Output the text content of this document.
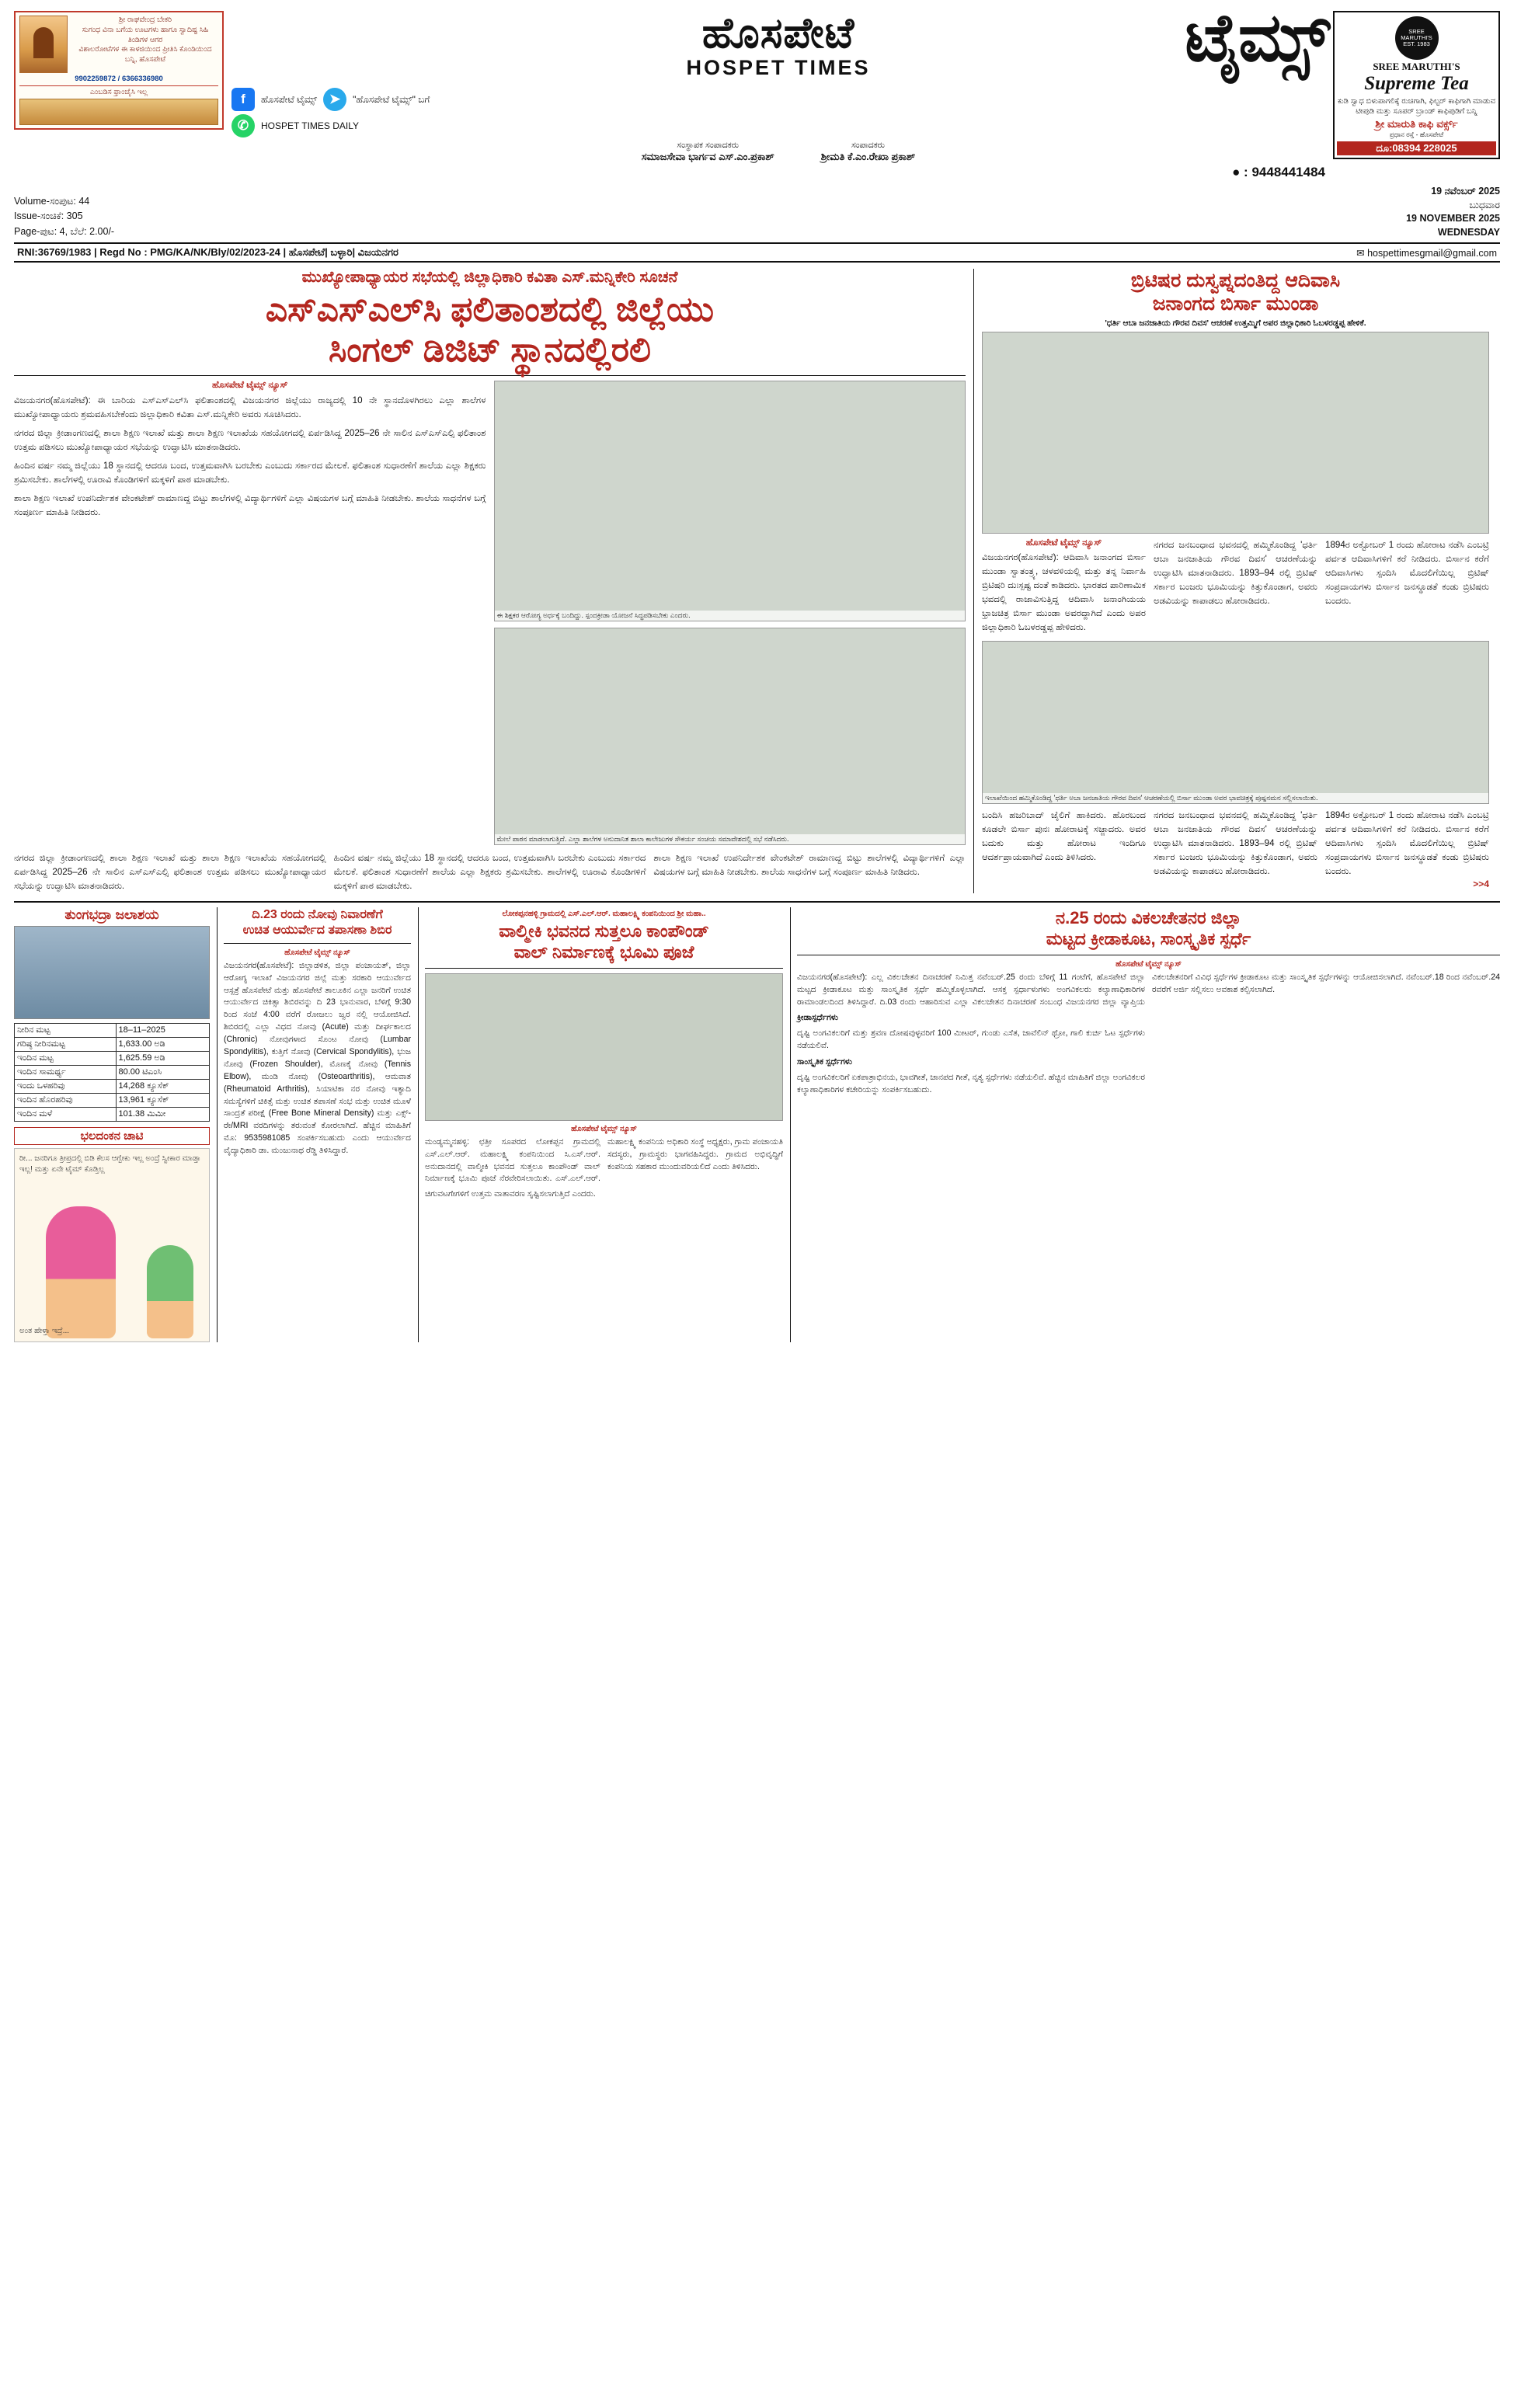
ಶ್ರೀ ರಾಘವೇಂದ್ರ ಬೇಕರಿ
ಸುಗಂಧ ವಿನಾ ಬಗೆಯ ಊಟಗಳು ಹಾಗೂ ಸ್ವಾದಿಷ್ಟ ಸಿಹಿ ತಿಂಡಿಗಳ ಆಗರ
ವಿಶಾಲರೋಟೆಗಳ ಈ ಕಾಳಜಿಯಿಂದ ಪ್ರೀತಿಸಿ ಕೊಂಡಿಯಿಂದ ಬನ್ನಿ, ಹೊಸಪೇಟೆ
9902259872 / 6366336980
ಎಂಬಡಿಸ ಫ್ರಾಂಚೈಸಿ ಇಲ್ಲ
ಹೊಸಪೇಟೆ
HOSPET TIMES	ಟೈಮ್ಸ್
f	ಹೊಸಪೇಟೆ ಟೈಮ್ಸ್ ➤	"ಹೊಸಪೇಟೆ ಟೈಮ್ಸ್" ಬಗೆ
✆	HOSPET TIMES DAILY
ಸಂಸ್ಥಾಪಕ ಸಂಪಾದಕರು
ಸಮಾಜಸೇವಾ ಭಾರ್ಗವ ಎಸ್.ಎಂ.ಪ್ರಕಾಶ್
ಸಂಪಾದಕರು
ಶ್ರೀಮತಿ ಕೆ.ಎಂ.ರೇಖಾ ಪ್ರಕಾಶ್
● : 9448441484
SREE MARUTHI'S EST. 1983
SREE MARUTHI'S
Supreme Tea
ಕುಡಿ ಸ್ವಾಧ ಬಿಳುಪಾಗಲಿಕ್ಕೆ ರುಚಿಗಾಗಿ, ಫಿಲ್ಟರ್ ಕಾಫಿಗಾಗಿ ಮಾಡುವ ಟೀಪುಡಿ ಮತ್ತು ಸೂಪರ್ ಬ್ರಾಂಡ್ ಕಾಫಿಪುಡಿಗೆ ಬನ್ನಿ
ಶ್ರೀ ಮಾರುತಿ ಕಾಫಿ ವರ್ಕ್ಸ್
ಪ್ರಧಾನ ರಸ್ತೆ - ಹೊಸಪೇಟೆ
ದೂ:08394 228025
Volume-ಸಂಪುಟ: 44
Issue-ಸಂಚಿಕೆ: 305
Page-ಪುಟ: 4, ಬೆಲೆ: 2.00/-
19 ನವೆಂಬರ್ 2025
ಬುಧವಾರ
19 NOVEMBER 2025
WEDNESDAY
RNI:36769/1983 | Regd No : PMG/KA/NK/Bly/02/2023-24 | ಹೊಸಪೇಟೆ| ಬಳ್ಳಾರಿ| ವಿಜಯನಗರ	✉ hospettimesgmail@gmail.com
ಮುಖ್ಯೋಪಾಧ್ಯಾಯರ ಸಭೆಯಲ್ಲಿ ಜಿಲ್ಲಾಧಿಕಾರಿ ಕವಿತಾ ಎಸ್.ಮನ್ನಿಕೇರಿ ಸೂಚನೆ
ಎಸ್‌ಎಸ್‌ಎಲ್‌ಸಿ ಫಲಿತಾಂಶದಲ್ಲಿ ಜಿಲ್ಲೆಯು
ಸಿಂಗಲ್ ಡಿಜಿಟ್ ಸ್ಥಾನದಲ್ಲಿರಲಿ
ಹೊಸಪೇಟೆ ಟೈಮ್ಸ್ ನ್ಯೂಸ್
ವಿಜಯನಗರ(ಹೊಸಪೇಟೆ): ಈ ಬಾರಿಯ ಎಸ್ಎಸ್ಎಲ್‌ಸಿ ಫಲಿತಾಂಶದಲ್ಲಿ ವಿಜಯನಗರ ಜಿಲ್ಲೆಯು ರಾಜ್ಯದಲ್ಲಿ 10 ನೇ ಸ್ಥಾನದೊಳಗಿರಲು ಎಲ್ಲಾ ಶಾಲೆಗಳ ಮುಖ್ಯೋಪಾಧ್ಯಾಯರು ಶ್ರಮವಹಿಸಬೇಕೆಂದು ಜಿಲ್ಲಾಧಿಕಾರಿ ಕವಿತಾ ಎಸ್.ಮನ್ನಿಕೇರಿ ಅವರು ಸೂಚಿಸಿದರು.
ನಗರದ ಜಿಲ್ಲಾ ಕ್ರೀಡಾಂಗಣದಲ್ಲಿ ಶಾಲಾ ಶಿಕ್ಷಣ ಇಲಾಖೆ ಮತ್ತು ಶಾಲಾ ಶಿಕ್ಷಣ ಇಲಾಖೆಯ ಸಹಯೋಗದಲ್ಲಿ ಏರ್ಪಡಿಸಿದ್ದ 2025–26 ನೇ ಸಾಲಿನ ಎಸ್ಎಸ್ಎಲ್ಸಿ ಫಲಿತಾಂಶ ಉತ್ತಮ ಪಡಿಸಲು ಮುಖ್ಯೋಪಾಧ್ಯಾಯರ ಸಭೆಯನ್ನು ಉದ್ಘಾಟಿಸಿ ಮಾತನಾಡಿದರು.
ಹಿಂದಿನ ವರ್ಷ ನಮ್ಮ ಜಿಲ್ಲೆಯು 18 ಸ್ಥಾನದಲ್ಲಿ ಆದರೂ ಬಂದ, ಉತ್ತಮವಾಗಿಸಿ ಬರಬೇಕು ಎಂಬುದು ಸರ್ಕಾರದ ಮೇಲಕೆ. ಫಲಿತಾಂಶ ಸುಧಾರಣೆಗೆ ಶಾಲೆಯ ಎಲ್ಲಾ ಶಿಕ್ಷಕರು ಶ್ರಮಿಸಬೇಕು. ಶಾಲೆಗಳಲ್ಲಿ ಊರಾವಿ ಕೊಂಡಿಗಳಿಗೆ ಮಕ್ಕಳಿಗೆ ಪಾಠ ಮಾಡಬೇಕು.
ಶಾಲಾ ಶಿಕ್ಷಣ ಇಲಾಖೆ ಉಪನಿರ್ದೇಶಕ ವೇಂಕಟೇಶ್ ರಾಮಾಣದ್ದ ಬಿಟ್ಟು ಶಾಲೆಗಳಲ್ಲಿ ವಿದ್ಯಾರ್ಥಿಗಳಿಗೆ ಎಲ್ಲಾ ವಿಷಯಗಳ ಬಗ್ಗೆ ಮಾಹಿತಿ ನೀಡಬೇಕು. ಶಾಲೆಯ ಸಾಧನೆಗಳ ಬಗ್ಗೆ ಸಂಪೂರ್ಣ ಮಾಹಿತಿ ನೀಡಿದರು.
ಈ ಶಿಕ್ಷಕರ ಆರೋಗ್ಯ ಅರ್ಧಕ್ಕೆ ಬಂದಿದ್ದು. ಸ್ಪಂದಕ್ರೀಡಾ ಯೋಜನೆ ಸಿದ್ಧಪಡಿಸಬೇಕು ಎಂದರು.
ಮೇಲೆ ಪಾಠನ ಮಾಡಲಾಗುತ್ತಿದೆ. ಎಲ್ಲಾ ಶಾಲೆಗಳ ಅನುದಾನಿತ ಶಾಲಾ ಕಾಲೇಜುಗಳ ಸೌಕರ್ಯ ಸಂಚಯ ಸಮಾವೇಶದಲ್ಲಿ ಸಭೆ ನಡೆಸಿದರು.
ನಗರದ ಜಿಲ್ಲಾ ಕ್ರೀಡಾಂಗಣದಲ್ಲಿ ಶಾಲಾ ಶಿಕ್ಷಣ ಇಲಾಖೆ ಮತ್ತು ಶಾಲಾ ಶಿಕ್ಷಣ ಇಲಾಖೆಯ ಸಹಯೋಗದಲ್ಲಿ ಏರ್ಪಡಿಸಿದ್ದ 2025–26 ನೇ ಸಾಲಿನ ಎಸ್ಎಸ್ಎಲ್ಸಿ ಫಲಿತಾಂಶ ಉತ್ತಮ ಪಡಿಸಲು ಮುಖ್ಯೋಪಾಧ್ಯಾಯರ ಸಭೆಯನ್ನು ಉದ್ಘಾಟಿಸಿ ಮಾತನಾಡಿದರು.
ಹಿಂದಿನ ವರ್ಷ ನಮ್ಮ ಜಿಲ್ಲೆಯು 18 ಸ್ಥಾನದಲ್ಲಿ ಆದರೂ ಬಂದ, ಉತ್ತಮವಾಗಿಸಿ ಬರಬೇಕು ಎಂಬುದು ಸರ್ಕಾರದ ಮೇಲಕೆ. ಫಲಿತಾಂಶ ಸುಧಾರಣೆಗೆ ಶಾಲೆಯ ಎಲ್ಲಾ ಶಿಕ್ಷಕರು ಶ್ರಮಿಸಬೇಕು. ಶಾಲೆಗಳಲ್ಲಿ ಊರಾವಿ ಕೊಂಡಿಗಳಿಗೆ ಮಕ್ಕಳಿಗೆ ಪಾಠ ಮಾಡಬೇಕು.
ಶಾಲಾ ಶಿಕ್ಷಣ ಇಲಾಖೆ ಉಪನಿರ್ದೇಶಕ ವೇಂಕಟೇಶ್ ರಾಮಾಣದ್ದ ಬಿಟ್ಟು ಶಾಲೆಗಳಲ್ಲಿ ವಿದ್ಯಾರ್ಥಿಗಳಿಗೆ ಎಲ್ಲಾ ವಿಷಯಗಳ ಬಗ್ಗೆ ಮಾಹಿತಿ ನೀಡಬೇಕು. ಶಾಲೆಯ ಸಾಧನೆಗಳ ಬಗ್ಗೆ ಸಂಪೂರ್ಣ ಮಾಹಿತಿ ನೀಡಿದರು.
ಬ್ರಿಟಿಷರ ದುಸ್ವಪ್ನದಂತಿದ್ದ ಆದಿವಾಸಿ
ಜನಾಂಗದ ಬಿರ್ಸಾ ಮುಂಡಾ
'ಧರ್ತಿ ಆಬಾ ಜನಜಾತಿಯ ಗೌರವ ದಿವಸ' ಆಚರಣೆ ಉತ್ತಮ್ಮಿಗೆ ಅಪರ ಜಿಲ್ಲಾಧಿಕಾರಿ ಓಬಳರಡ್ಡಪ್ಪ ಹೇಳಿಕೆ.
ಹೊಸಪೇಟೆ ಟೈಮ್ಸ್ ನ್ಯೂಸ್
ವಿಜಯನಗರ(ಹೊಸಪೇಟೆ): ಆದಿವಾಸಿ ಜನಾಂಗದ ಬಿರ್ಸಾ ಮುಂಡಾ ಸ್ವಾತಂತ್ರ್ಯ, ಚಳವಳಿಯಲ್ಲಿ ಮತ್ತು ತನ್ನ ನಿರ್ವಾಹಿ ಬ್ರಿಟಿಷರಿ ದುಃಸ್ಪಷ್ಟ ದಂತೆ ಕಾಡಿದರು. ಭಾರತದ ಪಾರಿಣಾಮಿಕ ಭವದಲ್ಲಿ ರಾಜಾವಿಸುತ್ತಿದ್ದ ಆದಿವಾಸಿ ಜನಾಂಗಿಯಯ ಭ್ರಾಜಚಿತ್ರ ಬಿರ್ಸಾ ಮುಂಡಾ ಅವರದ್ದಾಗಿದೆ ಎಂದು ಅಪರ ಜಿಲ್ಲಾಧಿಕಾರಿ ಓಬಳರಡ್ಡಪ್ಪ ಹೇಳಿದರು.
ನಗರದ ಜನಬಂಧಾದ ಭವನದಲ್ಲಿ ಹಮ್ಮಿಕೊಂಡಿದ್ದ 'ಧರ್ತಿ ಆಬಾ ಜನಜಾತಿಯ ಗೌರವ ದಿವಸ' ಆಚರಣೆಯನ್ನು ಉದ್ಘಾಟಿಸಿ ಮಾತನಾಡಿದರು. 1893–94 ರಲ್ಲಿ ಬ್ರಿಟಿಷ್ ಸರ್ಕಾರ ಬಂಜರು ಭೂಮಿಯನ್ನು ಕಿತ್ತುಕೊಂಡಾಗ, ಅವರು ಅಡವಿಯನ್ನು ಕಾಪಾಡಲು ಹೋರಾಡಿದರು.
1894ರ ಅಕ್ಟೋಬರ್ 1 ರಂದು ಹೋರಾಟ ನಡೆಸಿ ಎಂಬಟ್ರಿ ಪರ್ವತ ಆದಿವಾಸಿಗಳಿಗೆ ಕರೆ ನೀಡಿದರು. ಬಿರ್ಸಾನ ಕರೆಗೆ ಆದಿವಾಸಿಗಳು ಸ್ಪಂದಿಸಿ ಮೊದಲಿಗೆಯಿಲ್ಲ ಬ್ರಿಟಿಷ್ ಸಂಪ್ರದಾಯಗಳು ಬಿರ್ಸಾನ ಜನಸ್ಥೂಡತೆ ಕಂಡು ಬ್ರಿಟಿಷರು ಬಂದರು.
ಇಲಾಖೆಯಿಂದ ಹಮ್ಮಿಕೊಂಡಿದ್ದ 'ಧರ್ತಿ ಅಬಾ ಜನಜಾತಿಯ ಗೌರವ ದಿವಸ' ಆಚರಣೆಯಲ್ಲಿ ಬಿರ್ಸಾ ಮುಂಡಾ ಅವರ ಭಾವಚಿತ್ರಕ್ಕೆ ಪುಷ್ಪನಮನ ಸಲ್ಲಿಸಲಾಯಿತು.
ಬಂದಿಸಿ ಹಜರಿಬಾದ್ ಜೈಲಿಗೆ ಹಾಕಿದರು. ಹೊರಬಂದ ಕೂಡಲೇ ಬಿರ್ಸಾ ಪುನಃ ಹೋರಾಟಕ್ಕೆ ಸಜ್ಜಾದರು. ಅವರ ಬದುಕು ಮತ್ತು ಹೋರಾಟ ಇಂದಿಗೂ ಆದರ್ಶಪ್ರಾಯವಾಗಿದೆ ಎಂದು ತಿಳಿಸಿದರು.
ನಗರದ ಜನಬಂಧಾದ ಭವನದಲ್ಲಿ ಹಮ್ಮಿಕೊಂಡಿದ್ದ 'ಧರ್ತಿ ಆಬಾ ಜನಜಾತಿಯ ಗೌರವ ದಿವಸ' ಆಚರಣೆಯನ್ನು ಉದ್ಘಾಟಿಸಿ ಮಾತನಾಡಿದರು. 1893–94 ರಲ್ಲಿ ಬ್ರಿಟಿಷ್ ಸರ್ಕಾರ ಬಂಜರು ಭೂಮಿಯನ್ನು ಕಿತ್ತುಕೊಂಡಾಗ, ಅವರು ಅಡವಿಯನ್ನು ಕಾಪಾಡಲು ಹೋರಾಡಿದರು.
1894ರ ಅಕ್ಟೋಬರ್ 1 ರಂದು ಹೋರಾಟ ನಡೆಸಿ ಎಂಬಟ್ರಿ ಪರ್ವತ ಆದಿವಾಸಿಗಳಿಗೆ ಕರೆ ನೀಡಿದರು. ಬಿರ್ಸಾನ ಕರೆಗೆ ಆದಿವಾಸಿಗಳು ಸ್ಪಂದಿಸಿ ಮೊದಲಿಗೆಯಿಲ್ಲ ಬ್ರಿಟಿಷ್ ಸಂಪ್ರದಾಯಗಳು ಬಿರ್ಸಾನ ಜನಸ್ಥೂಡತೆ ಕಂಡು ಬ್ರಿಟಿಷರು ಬಂದರು.
>>4
ತುಂಗಭದ್ರಾ ಜಲಾಶಯ
ನೀರಿನ ಮಟ್ಟ	18–11–2025
ಗರಿಷ್ಠ ನೀರಿನಮಟ್ಟ	1,633.00 ಅಡಿ
ಇಂದಿನ ಮಟ್ಟ	1,625.59 ಅಡಿ
ಇಂದಿನ ಸಾಮರ್ಥ್ಯ	80.00 ಟಿಎಂಸಿ
ಇಂದು ಒಳಹರಿವು	14,268 ಕ್ಯೂಸೆಕ್
ಇಂದಿನ ಹೊರಹರಿವು	13,961 ಕ್ಯೂಸೆಕ್
ಇಂದಿನ ಮಳೆ	101.38 ಮಿಮೀ
ಭಲದಂಕನ ಚಾಟಿ
ರೀ... ಜನರಿಗೂ ತ್ರೀಪ್ರದಲ್ಲಿ ಬಿಡಿ ಕೆಲಸ ಆಗ್ಬೇಕು ಇಲ್ಲ ಅಂದ್ರೆ ಸ್ವೀಕಾರ ಮಾಡ್ತಾ ಇಲ್ಲ! ಮತ್ತು ಏನೇ ಟೈಮ್ ಕೊಡ್ತಿಲ್ಲ
ಅಂತ ಹೇಳ್ತಾ ಇದ್ರೆ...
ದಿ.23 ರಂದು ನೋವು ನಿವಾರಣೆಗೆ
ಉಚಿತ ಆಯುರ್ವೇದ ತಪಾಸಣಾ ಶಿಬಿರ
ಹೊಸಪೇಟೆ ಟೈಮ್ಸ್ ನ್ಯೂಸ್
ವಿಜಯನಗರ(ಹೊಸಪೇಟೆ): ಜಿಲ್ಲಾಡಳಿತ, ಜಿಲ್ಲಾ ಪಂಚಾಯತ್, ಜಿಲ್ಲಾ ಆರೋಗ್ಯ ಇಲಾಖೆ ವಿಜಯನಗರ ಜಿಲ್ಲೆ ಮತ್ತು ಸರಕಾರಿ ಆಯುರ್ವೇದ ಆಸ್ಪತ್ರೆ ಹೊಸಪೇಟೆ ಮತ್ತು ಹೊಸಪೇಟೆ ತಾಲೂಕಿನ ಎಲ್ಲಾ ಜನರಿಗೆ ಉಚಿತ ಆಯುರ್ವೇದ ಚಿಕಿತ್ಸಾ ಶಿಬಿರವನ್ನು ದಿ 23 ಭಾನುವಾರ, ಬೆಳಿಗ್ಗೆ 9:30 ರಿಂದ ಸಂಜೆ 4:00 ವರೆಗೆ ರೋಜಲು ಜ್ವರ ನಲ್ಲಿ ಆಯೋಜಿಸಿದೆ. ಶಿಬಿರದಲ್ಲಿ ಎಲ್ಲಾ ವಿಧದ ನೋವು (Acute) ಮತ್ತು ದೀರ್ಘಕಾಲದ (Chronic) ನೋವುಗಳಾದ ಸೊಂಟ ನೋವು (Lumbar Spondylitis), ಕುತ್ತಿಗೆ ನೋವು (Cervical Spondylitis), ಭುಜ ನೋವು (Frozen Shoulder), ಮೊಣಕೈ ನೋವು (Tennis Elbow), ಮಂಡಿ ನೋವು (Osteoarthritis), ಆಮವಾತ (Rheumatoid Arthritis), ಸಿಯಾಟಿಕಾ ನರ ನೋವು ಇತ್ಯಾದಿ ಸಮಸ್ಯೆಗಳಿಗೆ ಚಿಕಿತ್ಸೆ ಮತ್ತು ಉಚಿತ ತಪಾಸಣೆ ಸಂಭ ಮತ್ತು ಉಚಿತ ಮೂಳೆ ಸಾಂದ್ರತೆ ಪರೀಕ್ಷೆ (Free Bone Mineral Density) ಮತ್ತು ಎಕ್ಸ್-ರೇ/MRI ವರದಿಗಳನ್ನು ತರುವಂತೆ ಕೋರಲಾಗಿದೆ. ಹೆಚ್ಚಿನ ಮಾಹಿತಿಗೆ ಮೊ: 9535981085 ಸಂಪರ್ಕಿಸಬಹುದು ಎಂದು ಆಯುರ್ವೇದ ವೈದ್ಯಾಧಿಕಾರಿ ಡಾ. ಮಂಜುನಾಥ ರೆಡ್ಡಿ ತಿಳಿಸಿದ್ದಾರೆ.
ಲೋಕಪ್ಪನಹಳ್ಳಿ ಗ್ರಾಮದಲ್ಲಿ ಎಸ್.ಎಲ್.ಆರ್. ಮಹಾಲಕ್ಷ್ಮಿ ಕಂಪನಿಯಿಂದ ಶ್ರೀ ಮಹಾ..
ವಾಲ್ಮೀಕಿ ಭವನದ ಸುತ್ತಲೂ ಕಾಂಪೌಂಡ್
ವಾಲ್ ನಿರ್ಮಾಣಕ್ಕೆ ಭೂಮಿ ಪೂಜೆ
ಹೊಸಪೇಟೆ ಟೈಮ್ಸ್ ನ್ಯೂಸ್
ಮಂಡ್ಯಮ್ಮನಹಳ್ಳಿ: ಛತ್ರೀ ಸೂಪರದ ಲೋಕಪ್ಪನ ಗ್ರಾಮದಲ್ಲಿ ಎಸ್.ಎಲ್.ಆರ್. ಮಹಾಲಕ್ಷ್ಮಿ ಕಂಪನಿಯಿಂದ ಸಿ.ಎಸ್.ಆರ್. ಅನುದಾನದಲ್ಲಿ ವಾಲ್ಮೀಕಿ ಭವನದ ಸುತ್ತಲೂ ಕಾಂಪೌಂಡ್ ವಾಲ್ ನಿರ್ಮಾಣಕ್ಕೆ ಭೂಮಿ ಪೂಜೆ ನೆರವೇರಿಸಲಾಯಿತು. ಎಸ್.ಎಲ್.ಆರ್. ಮಹಾಲಕ್ಷ್ಮಿ ಕಂಪನಿಯ ಅಧಿಕಾರಿ ಸಂಸ್ಥೆ ಅಧ್ಯಕ್ಷರು, ಗ್ರಾಮ ಪಂಚಾಯತಿ ಸದಸ್ಯರು, ಗ್ರಾಮಸ್ಥರು ಭಾಗವಹಿಸಿದ್ದರು. ಗ್ರಾಮದ ಅಭಿವೃದ್ಧಿಗೆ ಕಂಪನಿಯ ಸಹಕಾರ ಮುಂದುವರಿಯಲಿದೆ ಎಂದು ತಿಳಿಸಿದರು.
ಚಿಗುವಟಗೇಗಳಿಗೆ ಉತ್ತಮ ವಾತಾವರಣ ಸೃಷ್ಟಿಸಲಾಗುತ್ತಿದೆ ಎಂದರು.
ನ.25 ರಂದು ವಿಕಲಚೇತನರ ಜಿಲ್ಲಾ
ಮಟ್ಟದ ಕ್ರೀಡಾಕೂಟ, ಸಾಂಸ್ಕೃತಿಕ ಸ್ಪರ್ಧೆ
ಹೊಸಪೇಟೆ ಟೈಮ್ಸ್ ನ್ಯೂಸ್
ವಿಜಯನಗರ(ಹೊಸಪೇಟೆ): ಎಲ್ಲ ವಿಕಲಚೇತನ ದಿನಾಚರಣೆ ನಿಮಿತ್ತ ನವೆಂಬರ್.25 ರಂದು ಬೆಳಿಗ್ಗೆ 11 ಗಂಟೆಗೆ, ಹೊಸಪೇಟೆ ಜಿಲ್ಲಾ ಮಟ್ಟದ ಕ್ರೀಡಾಕೂಟ ಮತ್ತು ಸಾಂಸ್ಕೃತಿಕ ಸ್ಪರ್ಧೆ ಹಮ್ಮಿಕೊಳ್ಳಲಾಗಿದೆ. ಆಸಕ್ತ ಸ್ಪರ್ಧಾಳುಗಳು ಅಂಗವಿಕಲರು ಕಲ್ಯಾಣಾಧಿಕಾರಿಗಳ ರಾಮಾಂಡಲದಿಂದ ತಿಳಿಸಿದ್ದಾರೆ. ದಿ.03 ರಂದು ಆಹಾರಿಸುವ ಎಲ್ಲಾ ವಿಕಲಚೇತನ ದಿನಾಚರಣೆ ಸಂಬಂಧ ವಿಜಯನಗರ ಜಿಲ್ಲಾ ವ್ಯಾಪ್ತಿಯ ವಿಕಲಚೇತನರಿಗೆ ವಿವಿಧ ಸ್ಪರ್ಧೆಗಳ ಕ್ರೀಡಾಕೂಟ ಮತ್ತು ಸಾಂಸ್ಕೃತಿಕ ಸ್ಪರ್ಧೆಗಳನ್ನು ಆಯೋಜಿಸಲಾಗಿದೆ. ನವೆಂಬರ್.18 ರಿಂದ ನವೆಂಬರ್.24 ರವರೆಗೆ ಅರ್ಜಿ ಸಲ್ಲಿಸಲು ಅವಕಾಶ ಕಲ್ಪಿಸಲಾಗಿದೆ.
ಕ್ರೀಡಾಸ್ಪರ್ಧೆಗಳು
ದೃಷ್ಟಿ ಅಂಗವಿಕಲರಿಗೆ ಮತ್ತು ಶ್ರವಣ ದೋಷವುಳ್ಳವರಿಗೆ 100 ಮೀಟರ್, ಗುಂಡು ಎಸೆತ, ಜಾವೆಲಿನ್ ಥ್ರೋ, ಗಾಲಿ ಕುರ್ಚಿ ಓಟ ಸ್ಪರ್ಧೆಗಳು ನಡೆಯಲಿವೆ.
ಸಾಂಸ್ಕೃತಿಕ ಸ್ಪರ್ಧೆಗಳು
ದೃಷ್ಟಿ ಅಂಗವಿಕಲರಿಗೆ ಏಕಪಾತ್ರಾಭಿನಯ, ಭಾವಗೀತೆ, ಜಾನಪದ ಗೀತೆ, ನೃತ್ಯ ಸ್ಪರ್ಧೆಗಳು ನಡೆಯಲಿವೆ. ಹೆಚ್ಚಿನ ಮಾಹಿತಿಗೆ ಜಿಲ್ಲಾ ಅಂಗವಿಕಲರ ಕಲ್ಯಾಣಾಧಿಕಾರಿಗಳ ಕಚೇರಿಯನ್ನು ಸಂಪರ್ಕಿಸಬಹುದು.
